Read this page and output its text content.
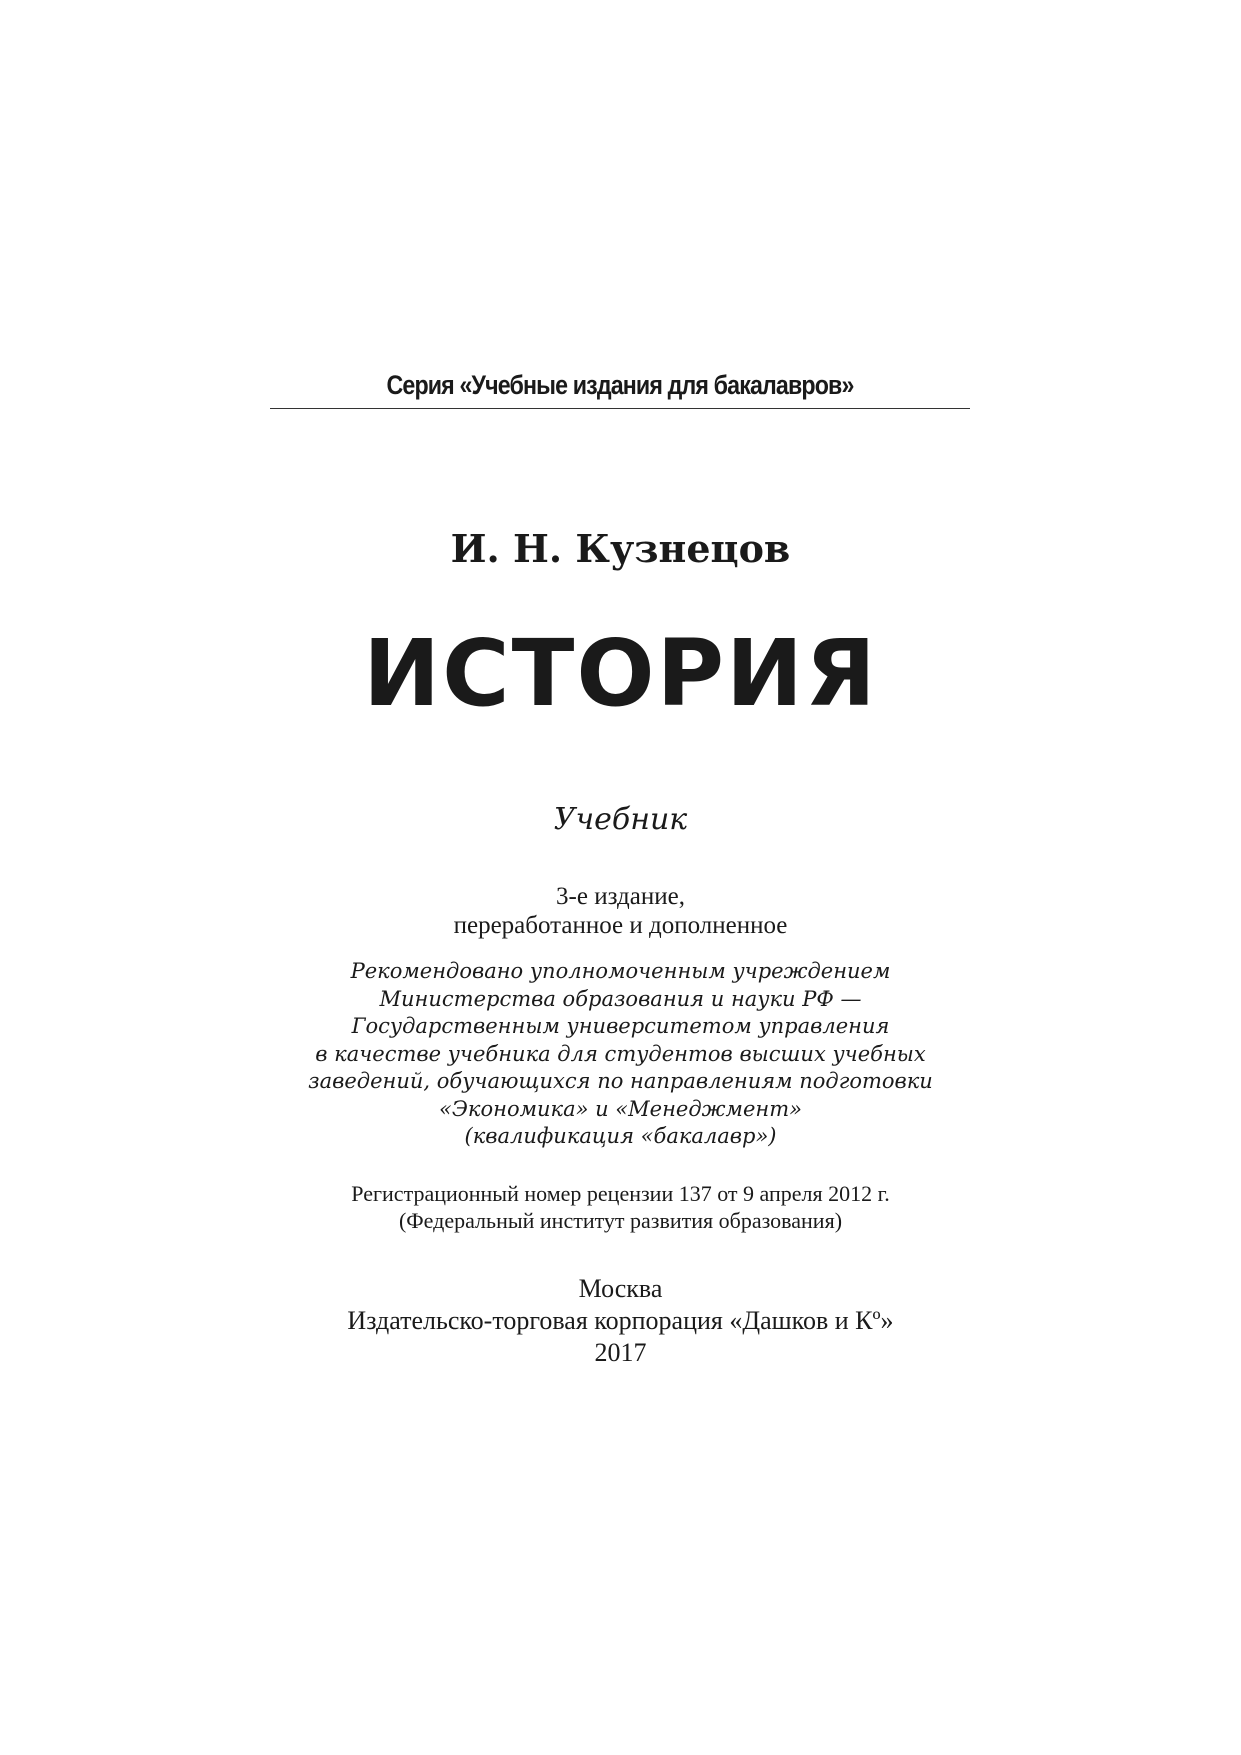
Серия «Учебные издания для бакалавров»
И. Н. Кузнецов
ИСТОРИЯ
Учебник
3-е издание,
переработанное и дополненное
Рекомендовано уполномоченным учреждением
Министерства образования и науки РФ —
Государственным университетом управления
в качестве учебника для студентов высших учебных
заведений, обучающихся по направлениям подготовки
«Экономика» и «Менеджмент»
(квалификация «бакалавр»)
Регистрационный номер рецензии 137 от 9 апреля 2012 г.
(Федеральный институт развития образования)
Москва
Издательско-торговая корпорация «Дашков и Кº»
2017
